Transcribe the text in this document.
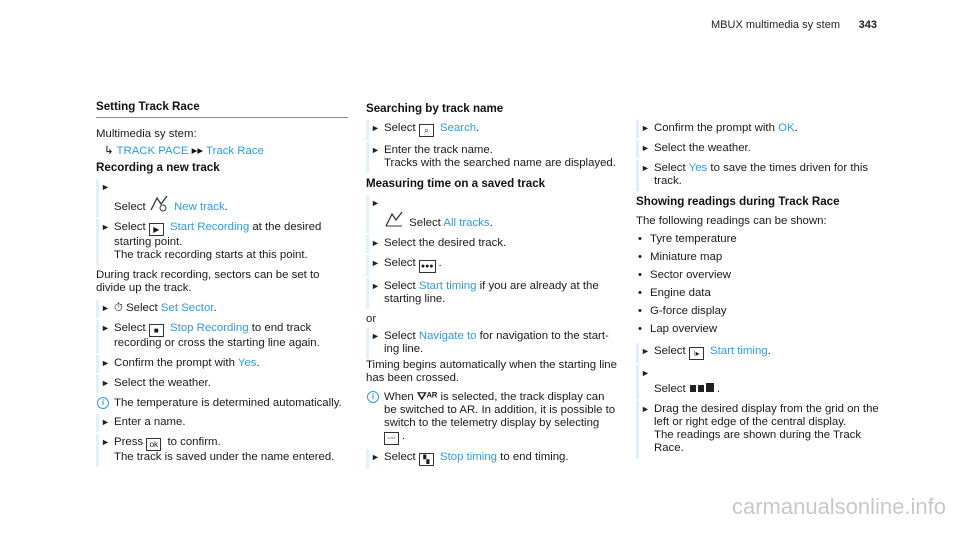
MBUX multimedia sy stem 343
Setting Track Race
Multimedia sy stem:
↳ TRACK PACE ▸▸ Track Race
Recording a new track
►

Select New track.
► Select ▶ Start Recording at the desired starting point.
The track recording starts at this point.
During track recording, sectors can be set to divide up the track.
► ⏱ Select Set Sector.
► Select ■ Stop Recording to end track recording or cross the starting line again.
► Confirm the prompt with Yes.
► Select the weather.
i The temperature is determined automatically.
► Enter a name.
► Press ok to confirm.
The track is saved under the name entered.
Searching by track name
► Select ⌕ Search.
► Enter the track name.
Tracks with the searched name are displayed.
Measuring time on a saved track
►

Select All tracks.
► Select the desired track.
► Select ●●● .
► Select Start timing if you are already at the starting line.
or
► Select Navigate to for navigation to the start-ing line.
Timing begins automatically when the starting line has been crossed.
i When ⛛ᴬᴿ is selected, the track display can be switched to AR. In addition, it is possible to switch to the telemetry display by selecting 〰 .
► Select ▚ Stop timing to end timing.
► Confirm the prompt with OK.
► Select the weather.
► Select Yes to save the times driven for this track.
Showing readings during Track Race
The following readings can be shown:
• Tyre temperature
• Miniature map
• Sector overview
• Engine data
• G-force display
• Lap overview
► Select ⁝▸ Start timing.
►

Select	.
► Drag the desired display from the grid on the left or right edge of the central display.
The readings are shown during the Track Race.
carmanualsonline.info
